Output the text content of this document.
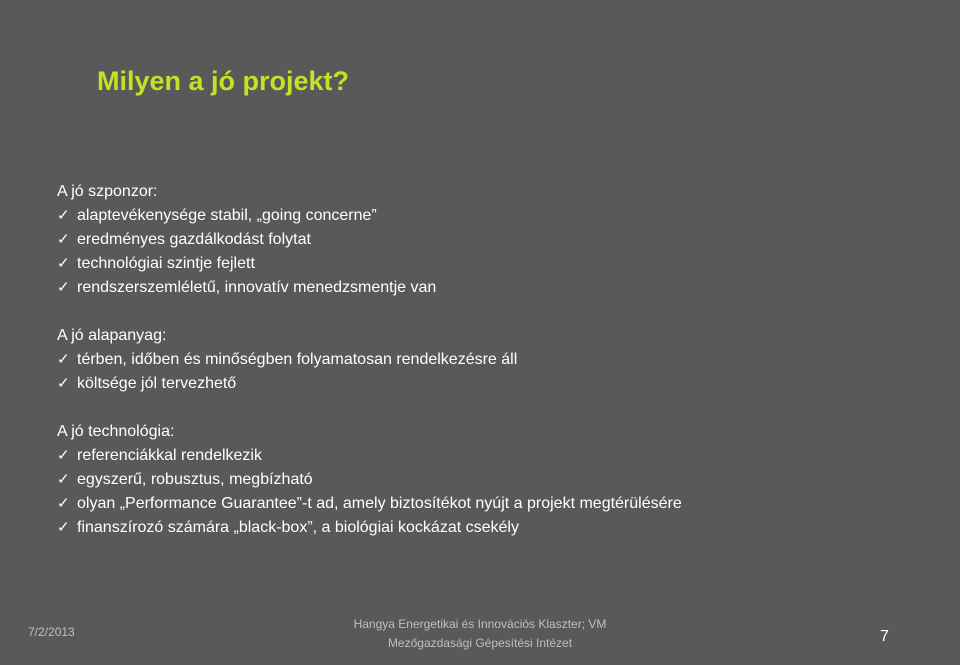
Milyen a jó projekt?
A jó szponzor:
✓ alaptevékenysége stabil, „going concerne”
✓ eredményes gazdálkodást folytat
✓ technológiai szintje fejlett
✓ rendszerszemléletű, innovatív menedzsmentje van
A jó alapanyag:
✓ térben, időben és minőségben folyamatosan rendelkezésre áll
✓ költsége jól tervezhető
A jó technológia:
✓ referenciákkal rendelkezik
✓ egyszerű, robusztus, megbízható
✓ olyan „Performance Guarantee”-t ad, amely biztosítékot nyújt a projekt megtérülésére
✓ finanszírozó számára „black-box”, a biológiai kockázat csekély
7/2/2013
Hangya Energetikai és Innovációs Klaszter; VM
Mezőgazdasági Gépesítési Intézet	7
